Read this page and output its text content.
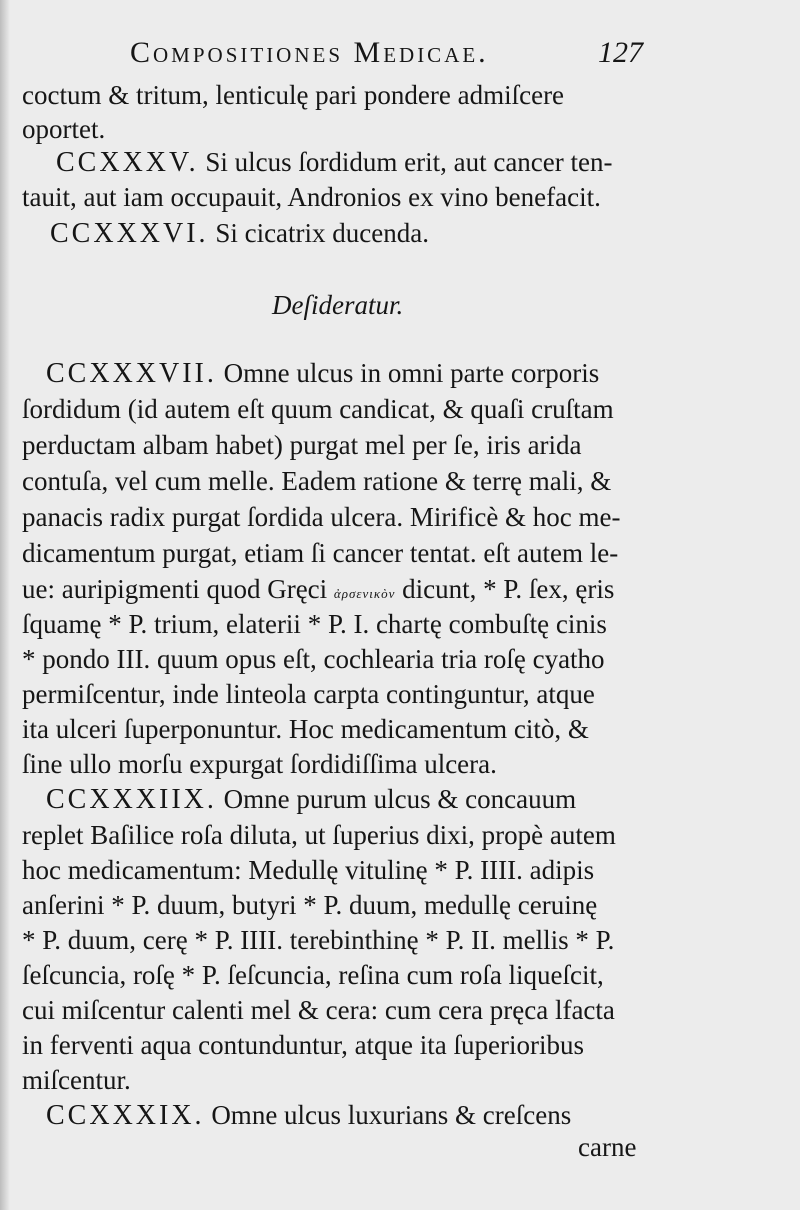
Compositiones Medicae.	127
coctum & tritum, lenticulę pari pondere admiſcere
oportet.
CCXXXV. Si ulcus ſordidum erit, aut cancer ten-
tauit, aut iam occupauit, Andronios ex vino benefacit.
CCXXXVI. Si cicatrix ducenda.
Deſideratur.
CCXXXVII. Omne ulcus in omni parte corporis
ſordidum (id autem eſt quum candicat, & quaſi cruſtam
perductam albam habet) purgat mel per ſe, iris arida
contuſa, vel cum melle. Eadem ratione & terrę mali, &
panacis radix purgat ſordida ulcera. Mirificè & hoc me-
dicamentum purgat, etiam ſi cancer tentat. eſt autem le-
ue: auripigmenti quod Gręci ἀρσενικὸν dicunt, * P. ſex, ęris
ſquamę * P. trium, elaterii * P. I. chartę combuſtę cinis
* pondo III. quum opus eſt, cochlearia tria roſę cyatho
permiſcentur, inde linteola carpta continguntur, atque
ita ulceri ſuperponuntur. Hoc medicamentum citò, &
ſine ullo morſu expurgat ſordidiſſima ulcera.
CCXXXIIX. Omne purum ulcus & concauum
replet Baſilice roſa diluta, ut ſuperius dixi, propè autem
hoc medicamentum: Medullę vitulinę * P. IIII. adipis
anſerini * P. duum, butyri * P. duum, medullę ceruinę
* P. duum, cerę * P. IIII. terebinthinę * P. II. mellis * P.
ſeſcuncia, roſę * P. ſeſcuncia, reſina cum roſa liqueſcit,
cui miſcentur calenti mel & cera: cum cera pręca lfacta
in ferventi aqua contunduntur, atque ita ſuperioribus
miſcentur.
CCXXXIX. Omne ulcus luxurians & creſcens
carne
